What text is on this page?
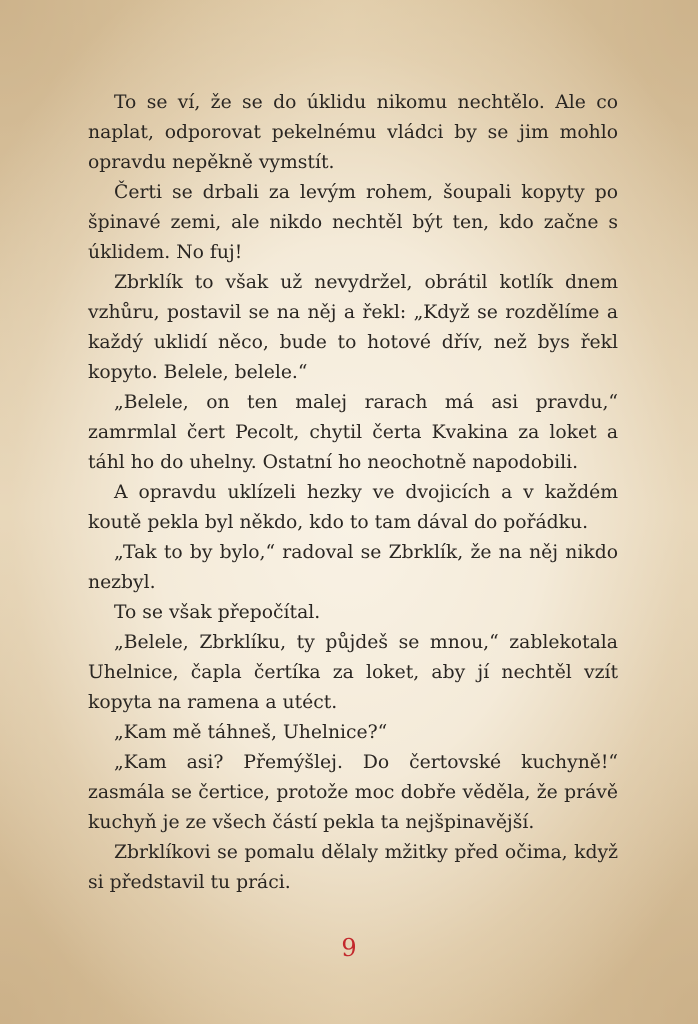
To se ví, že se do úklidu nikomu nechtělo. Ale co naplat, odporovat pekelnému vládci by se jim mohlo opravdu nepěkně vymstít.

Čerti se drbali za levým rohem, šoupali kopyty po špinavé zemi, ale nikdo nechtěl být ten, kdo začne s úklidem. No fuj!

Zbrklík to však už nevydržel, obrátil kotlík dnem vzhůru, postavil se na něj a řekl: „Když se rozdělíme a každý uklidí něco, bude to hotové dřív, než bys řekl kopyto. Belele, belele.“

„Belele, on ten malej rarach má asi pravdu,“ zamrmlal čert Pecolt, chytil čerta Kvakina za loket a táhl ho do uhelny. Ostatní ho neochotně napodobili.

A opravdu uklízeli hezky ve dvojicích a v každém koutě pekla byl někdo, kdo to tam dával do pořádku.

„Tak to by bylo,“ radoval se Zbrklík, že na něj nikdo nezbyl.

To se však přepočítal.

„Belele, Zbrklíku, ty půjdeš se mnou,“ zablekotala Uhelnice, čapla čertíka za loket, aby jí nechtěl vzít kopyta na ramena a utéct.

„Kam mě táhneš, Uhelnice?“

„Kam asi? Přemýšlej. Do čertovské kuchyně!“ zasmála se čertice, protože moc dobře věděla, že právě kuchyň je ze všech částí pekla ta nejšpinavější.

Zbrklíkovi se pomalu dělaly mžitky před očima, když si představil tu práci.

9
